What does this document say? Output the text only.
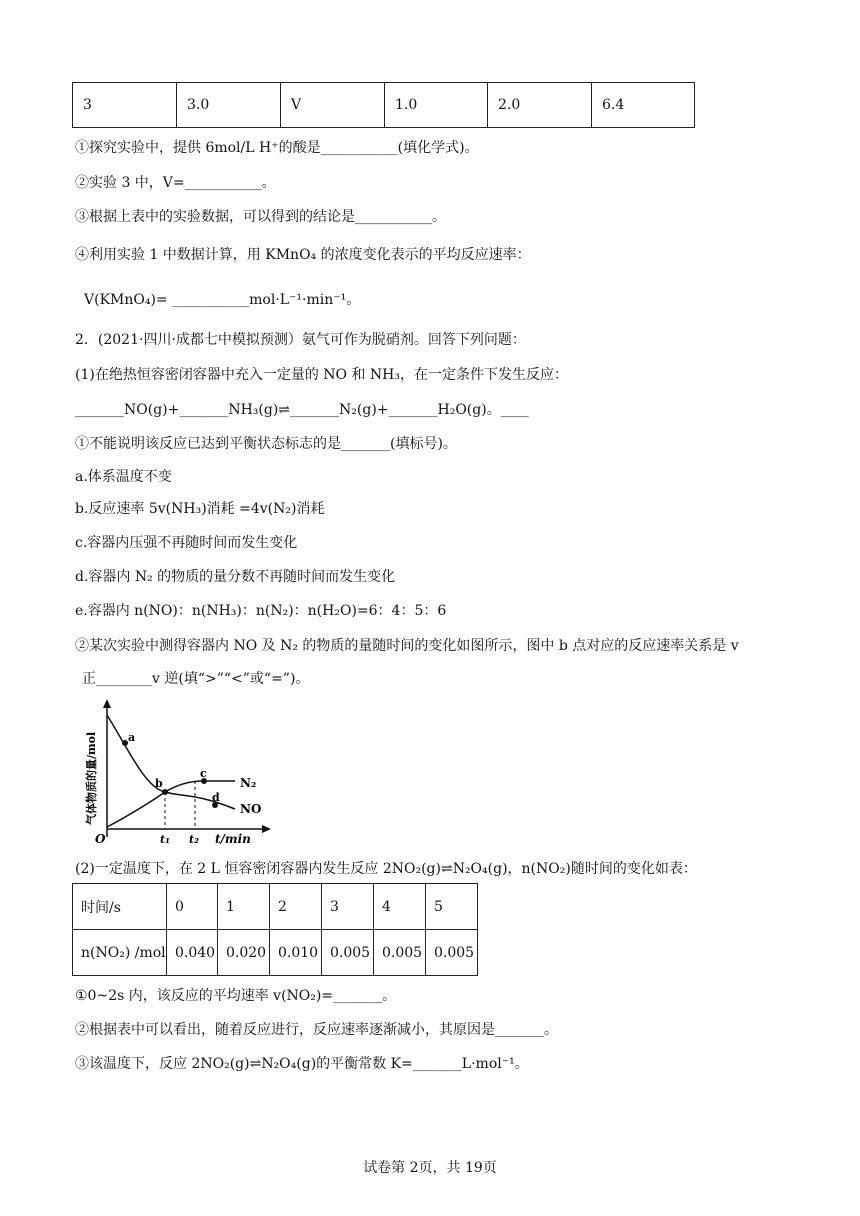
3	3.0	V	1.0	2.0	6.4
①探究实验中，提供 6mol/L H⁺的酸是___________(填化学式)。
②实验 3 中，V=___________。
③根据上表中的实验数据，可以得到的结论是___________。
④利用实验 1 中数据计算，用 KMnO₄ 的浓度变化表示的平均反应速率：
V(KMnO₄)= ___________mol·L⁻¹·min⁻¹。
2．(2021·四川·成都七中模拟预测）氨气可作为脱硝剂。回答下列问题：
(1)在绝热恒容密闭容器中充入一定量的 NO 和 NH₃，在一定条件下发生反应：
_______NO(g)+_______NH₃(g)⇌_______N₂(g)+_______H₂O(g)。____
①不能说明该反应已达到平衡状态标志的是_______(填标号)。
a.体系温度不变
b.反应速率 5v(NH₃)消耗 =4v(N₂)消耗
c.容器内压强不再随时间而发生变化
d.容器内 N₂ 的物质的量分数不再随时间而发生变化
e.容器内 n(NO)：n(NH₃)：n(N₂)：n(H₂O)=6：4：5：6
②某次实验中测得容器内 NO 及 N₂ 的物质的量随时间的变化如图所示，图中 b 点对应的反应速率关系是 v
正________v 逆(填“>”“<”或“=”)。
a
b
c
d
N₂
NO
O	t₁ t₂ t/min
气体物质的量/mol
(2)一定温度下，在 2 L 恒容密闭容器内发生反应 2NO₂(g)⇌N₂O₄(g)，n(NO₂)随时间的变化如表：
时间/s	0	1	2	3	4	5
n(NO₂) /mol	0.040	0.020	0.010	0.005	0.005	0.005
①0~2s 内，该反应的平均速率 v(NO₂)=_______。
②根据表中可以看出，随着反应进行，反应速率逐渐减小，其原因是_______。
③该温度下，反应 2NO₂(g)⇌N₂O₄(g)的平衡常数 K=_______L·mol⁻¹。
试卷第 2页，共 19页
